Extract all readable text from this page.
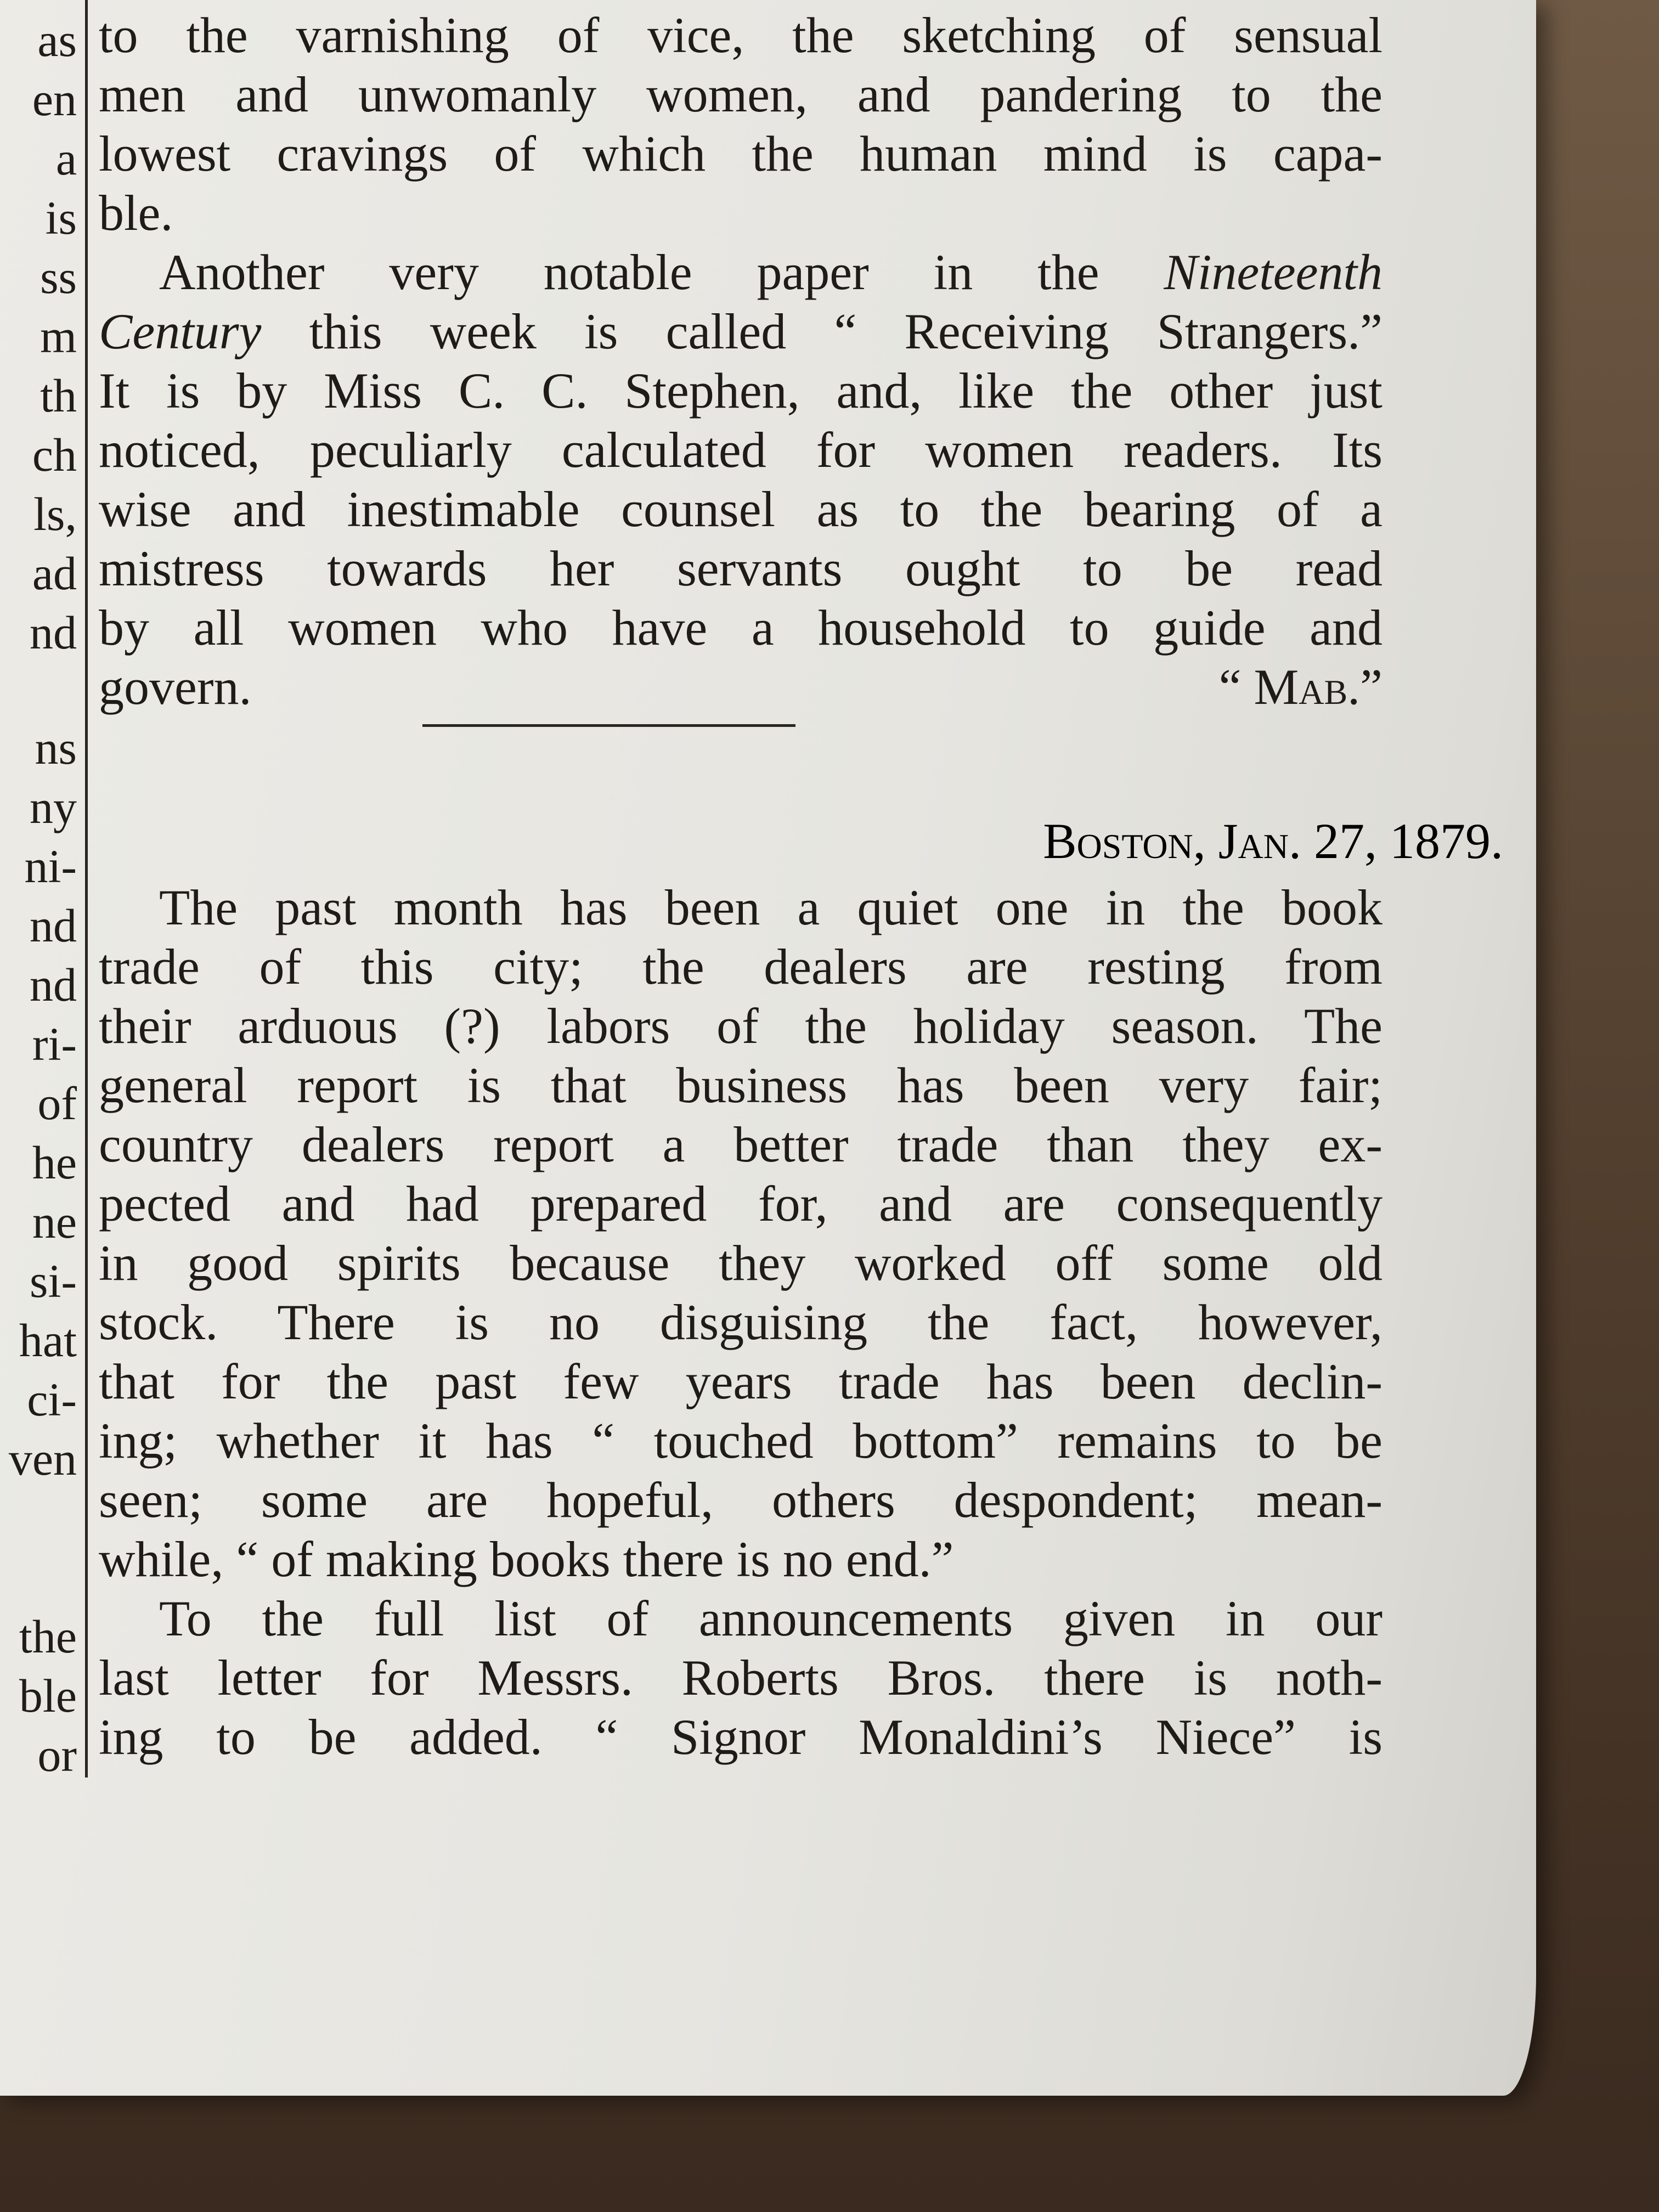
as
en
a
is
ss
m
th
ch
ls,
ad
nd
ns
ny
ni-
nd
nd
ri-
of
he
ne
si-
hat
ci-
ven
the
ble
or
to the varnishing of vice, the sketching of sensual
men and unwomanly women, and pandering to the
lowest cravings of which the human mind is capa-
ble.
Another very notable paper in the Nineteenth
Century this week is called “ Receiving Strangers.”
It is by Miss C. C. Stephen, and, like the other just
noticed, peculiarly calculated for women readers. Its
wise and inestimable counsel as to the bearing of a
mistress towards her servants ought to be read
by all women who have a household to guide and
govern.	“ Mab.”
The past month has been a quiet one in the book
trade of this city; the dealers are resting from
their arduous (?) labors of the holiday season. The
general report is that business has been very fair;
country dealers report a better trade than they ex-
pected and had prepared for, and are consequently
in good spirits because they worked off some old
stock. There is no disguising the fact, however,
that for the past few years trade has been declin-
ing; whether it has “ touched bottom” remains to be
seen; some are hopeful, others despondent; mean-
while, “ of making books there is no end.”
To the full list of announcements given in our
last letter for Messrs. Roberts Bros. there is noth-
ing to be added. “ Signor Monaldini’s Niece” is
Boston, Jan. 27, 1879.
